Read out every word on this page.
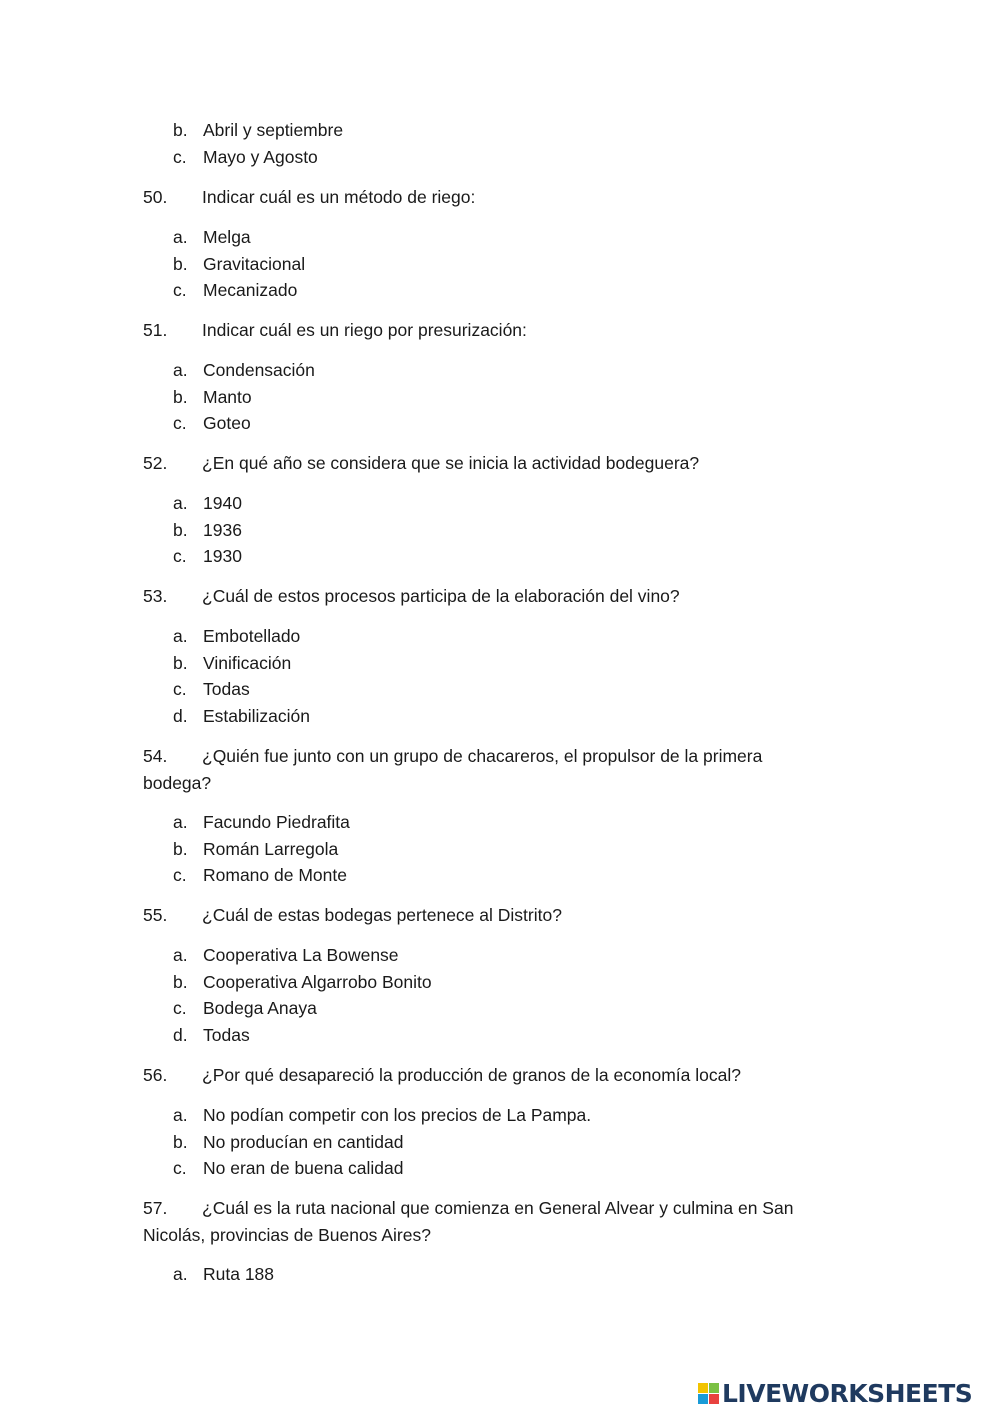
b. Abril y septiembre
c. Mayo y Agosto
50. Indicar cuál es un método de riego:
a. Melga
b. Gravitacional
c. Mecanizado
51. Indicar cuál es un riego por presurización:
a. Condensación
b. Manto
c. Goteo
52. ¿En qué año se considera que se inicia la actividad bodeguera?
a. 1940
b. 1936
c. 1930
53. ¿Cuál de estos procesos participa de la elaboración del vino?
a. Embotellado
b. Vinificación
c. Todas
d. Estabilización
54. ¿Quién fue junto con un grupo de chacareros, el propulsor de la primera bodega?
a. Facundo Piedrafita
b. Román Larregola
c. Romano de Monte
55. ¿Cuál de estas bodegas pertenece al Distrito?
a. Cooperativa La Bowense
b. Cooperativa Algarrobo Bonito
c. Bodega Anaya
d. Todas
56. ¿Por qué desapareció la producción de granos de la economía local?
a. No podían competir con los precios de La Pampa.
b. No producían en cantidad
c. No eran de buena calidad
57. ¿Cuál es la ruta nacional que comienza en General Alvear y culmina en San Nicolás, provincias de Buenos Aires?
a. Ruta 188
LIVEWORKSHEETS
